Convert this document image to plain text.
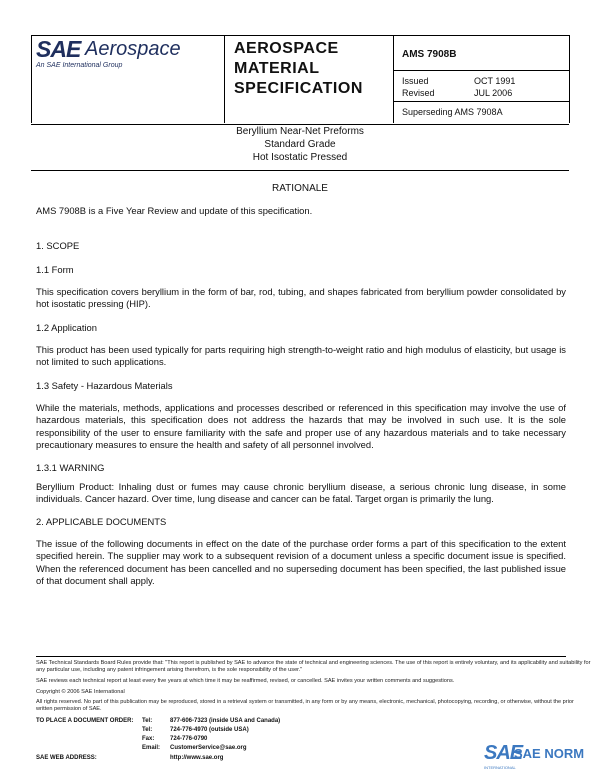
SAE Aerospace
An SAE International Group
AEROSPACE
MATERIAL
SPECIFICATION
AMS 7908B
Issued	OCT 1991
Revised	JUL 2006
Superseding AMS 7908A
Beryllium Near-Net Preforms
Standard Grade
Hot Isostatic Pressed
RATIONALE
AMS 7908B is a Five Year Review and update of this specification.
1. SCOPE
1.1 Form
This specification covers beryllium in the form of bar, rod, tubing, and shapes fabricated from beryllium powder consolidated by hot isostatic pressing (HIP).
1.2 Application
This product has been used typically for parts requiring high strength-to-weight ratio and high modulus of elasticity, but usage is not limited to such applications.
1.3 Safety - Hazardous Materials
While the materials, methods, applications and processes described or referenced in this specification may involve the use of hazardous materials, this specification does not address the hazards that may be involved in such use. It is the sole responsibility of the user to ensure familiarity with the safe and proper use of any hazardous materials and to take necessary precautionary measures to ensure the health and safety of all personnel involved.
1.3.1 WARNING
Beryllium Product: Inhaling dust or fumes may cause chronic beryllium disease, a serious chronic lung disease, in some individuals. Cancer hazard. Over time, lung disease and cancer can be fatal. Target organ is primarily the lung.
2. APPLICABLE DOCUMENTS
The issue of the following documents in effect on the date of the purchase order forms a part of this specification to the extent specified herein. The supplier may work to a subsequent revision of a document unless a specific document issue is specified. When the referenced document has been cancelled and no superseding document has been specified, the last published issue of that document shall apply.
SAE Technical Standards Board Rules provide that: "This report is published by SAE to advance the state of technical and engineering sciences. The use of this report is entirely voluntary, and its applicability and suitability for any particular use, including any patent infringement arising therefrom, is the sole responsibility of the user."
SAE reviews each technical report at least every five years at which time it may be reaffirmed, revised, or cancelled. SAE invites your written comments and suggestions.
Copyright © 2006 SAE International
All rights reserved. No part of this publication may be reproduced, stored in a retrieval system or transmitted, in any form or by any means, electronic, mechanical, photocopying, recording, or otherwise, without the prior written permission of SAE.
TO PLACE A DOCUMENT ORDER: Tel:	877-606-7323 (inside USA and Canada)
Tel:	724-776-4970 (outside USA)
Fax:	724-776-0790
Email: CustomerService@sae.org
SAE WEB ADDRESS:	http://www.sae.org	SAE
SAE NORM
INTERNATIONAL
